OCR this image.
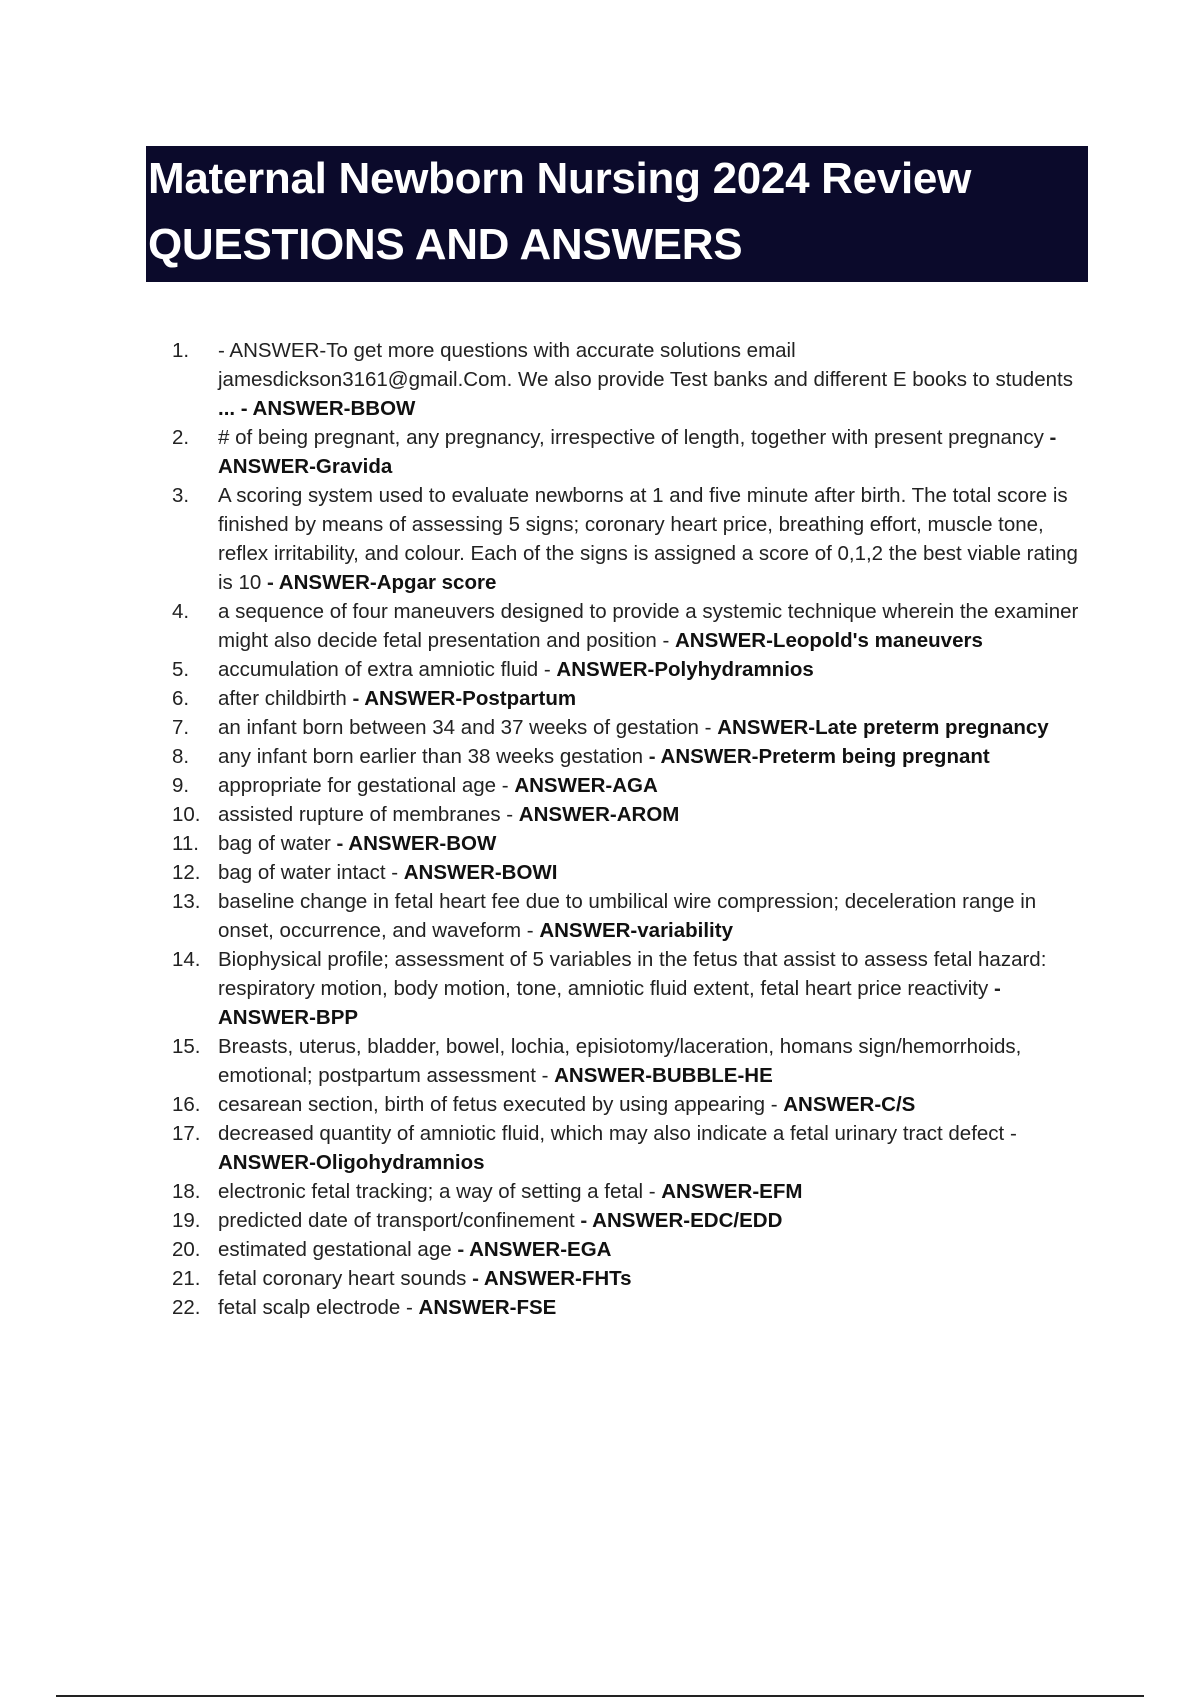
Maternal Newborn Nursing 2024 Review
QUESTIONS AND ANSWERS
1.	- ANSWER-To get more questions with accurate solutions email jamesdickson3161@gmail.Com. We also provide Test banks and different E books to students
... - ANSWER-BBOW
2.	# of being pregnant, any pregnancy, irrespective of length, together with present pregnancy - ANSWER-Gravida
3.	A scoring system used to evaluate newborns at 1 and five minute after birth. The total score is finished by means of assessing 5 signs; coronary heart price, breathing effort, muscle tone, reflex irritability, and colour. Each of the signs is assigned a score of 0,1,2 the best viable rating is 10 - ANSWER-Apgar score
4.	a sequence of four maneuvers designed to provide a systemic technique wherein the examiner might also decide fetal presentation and position - ANSWER-Leopold's maneuvers
5.	accumulation of extra amniotic fluid - ANSWER-Polyhydramnios
6.	after childbirth - ANSWER-Postpartum
7.	an infant born between 34 and 37 weeks of gestation - ANSWER-Late preterm pregnancy
8.	any infant born earlier than 38 weeks gestation - ANSWER-Preterm being pregnant
9.	appropriate for gestational age - ANSWER-AGA
10. assisted rupture of membranes - ANSWER-AROM
11. bag of water - ANSWER-BOW
12. bag of water intact - ANSWER-BOWI
13. baseline change in fetal heart fee due to umbilical wire compression; deceleration range in onset, occurrence, and waveform - ANSWER-variability
14. Biophysical profile; assessment of 5 variables in the fetus that assist to assess fetal hazard: respiratory motion, body motion, tone, amniotic fluid extent, fetal heart price reactivity - ANSWER-BPP
15. Breasts, uterus, bladder, bowel, lochia, episiotomy/laceration, homans sign/hemorrhoids, emotional; postpartum assessment - ANSWER-BUBBLE-HE
16. cesarean section, birth of fetus executed by using appearing - ANSWER-C/S
17. decreased quantity of amniotic fluid, which may also indicate a fetal urinary tract defect - ANSWER-Oligohydramnios
18. electronic fetal tracking; a way of setting a fetal - ANSWER-EFM
19. predicted date of transport/confinement - ANSWER-EDC/EDD
20. estimated gestational age - ANSWER-EGA
21. fetal coronary heart sounds - ANSWER-FHTs
22. fetal scalp electrode - ANSWER-FSE
